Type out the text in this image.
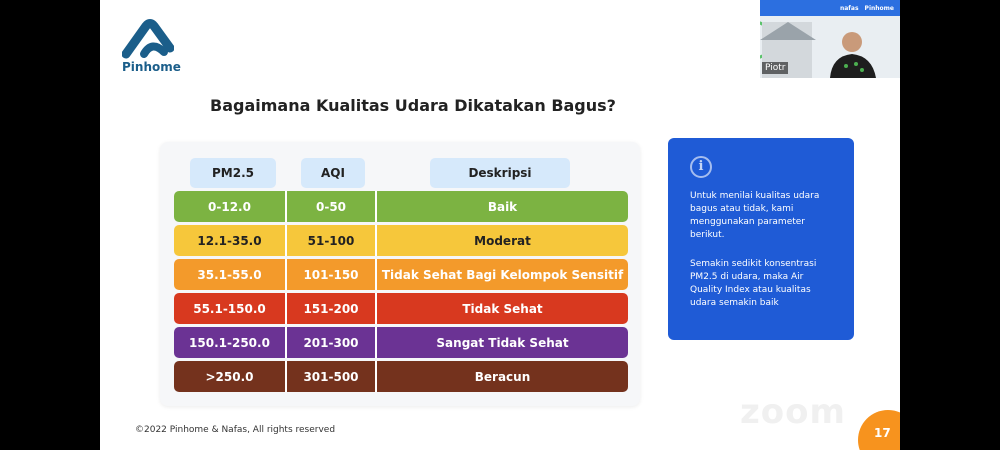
Pinhome
Bagaimana Kualitas Udara Dikatakan Bagus?
PM2.5	AQI	Deskripsi
0-12.0	0-50	Baik
12.1-35.0	51-100	Moderat
35.1-55.0	101-150	Tidak Sehat Bagi Kelompok Sensitif
55.1-150.0	151-200	Tidak Sehat
150.1-250.0	201-300	Sangat Tidak Sehat
>250.0	301-500	Beracun
i
Untuk menilai kualitas udara bagus atau tidak, kami menggunakan parameter berikut.
Semakin sedikit konsentrasi PM2.5 di udara, maka Air Quality Index atau kualitas udara semakin baik
©2022 Pinhome & Nafas, All rights reserved	zoom
17
nafas Pinhome
Piotr
